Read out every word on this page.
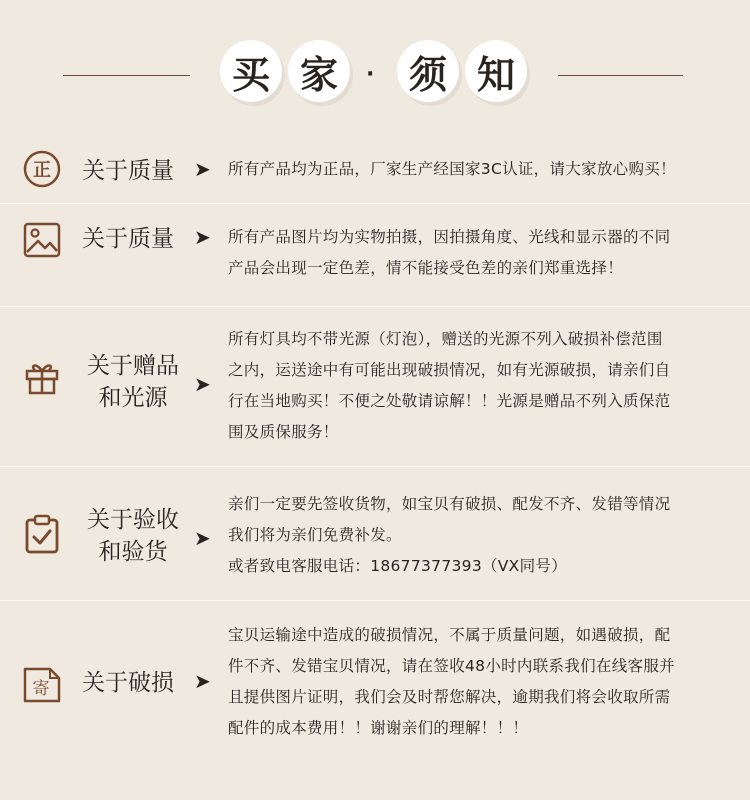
买 家	· 须 知
正 关于质量 ➤ 所有产品均为正品，厂家生产经国家3C认证，请大家放心购买！
关于质量 ➤ 所有产品图片均为实物拍摄，因拍摄角度、光线和显示器的不同
产品会出现一定色差，情不能接受色差的亲们郑重选择！
关于赠品
和光源
➤
所有灯具均不带光源（灯泡），赠送的光源不列入破损补偿范围
之内，运送途中有可能出现破损情况，如有光源破损，请亲们自
行在当地购买！不便之处敬请谅解！！光源是赠品不列入质保范
围及质保服务！
关于验收
和验货
➤
亲们一定要先签收货物，如宝贝有破损、配发不齐、发错等情况
我们将为亲们免费补发。
或者致电客服电话：18677377393（VX同号）
寄 关于破损 ➤
宝贝运输途中造成的破损情况，不属于质量问题，如遇破损，配
件不齐、发错宝贝情况，请在签收48小时内联系我们在线客服并
且提供图片证明，我们会及时帮您解决，逾期我们将会收取所需
配件的成本费用！！谢谢亲们的理解！！！
